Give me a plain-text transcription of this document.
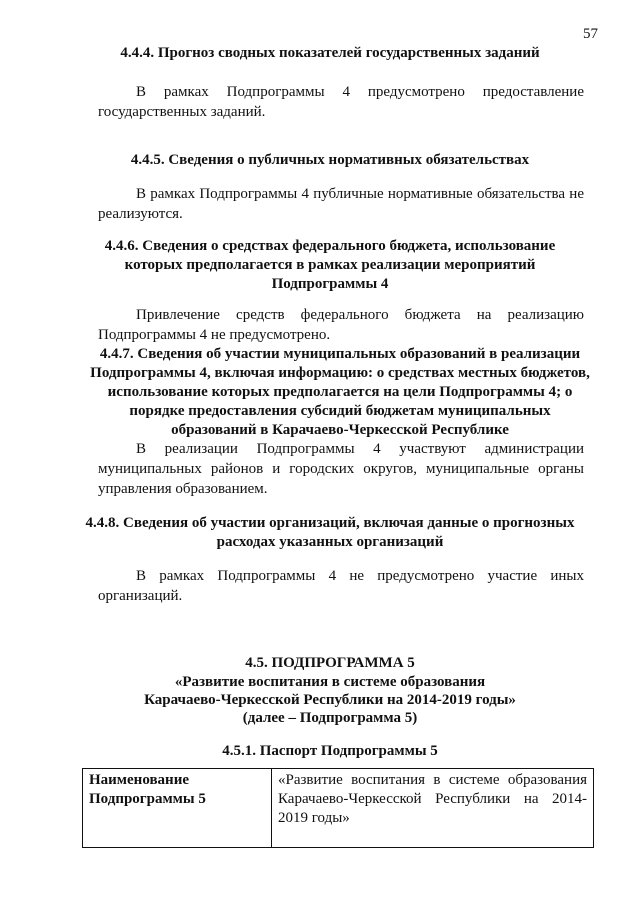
57
4.4.4. Прогноз сводных показателей государственных заданий
В рамках Подпрограммы 4 предусмотрено предоставление государственных заданий.
4.4.5. Сведения о публичных нормативных обязательствах
В рамках Подпрограммы 4 публичные нормативные обязательства не реализуются.
4.4.6. Сведения о средствах федерального бюджета, использование которых предполагается в рамках реализации мероприятий Подпрограммы 4
Привлечение средств федерального бюджета на реализацию Подпрограммы 4 не предусмотрено.
4.4.7. Сведения об участии муниципальных образований в реализации Подпрограммы 4, включая информацию: о средствах местных бюджетов, использование которых предполагается на цели Подпрограммы 4; о порядке предоставления субсидий бюджетам муниципальных образований в Карачаево-Черкесской Республике
В реализации Подпрограммы 4 участвуют администрации муниципальных районов и городских округов, муниципальные органы управления образованием.
4.4.8. Сведения об участии организаций, включая данные о прогнозных расходах указанных организаций
В рамках Подпрограммы 4 не предусмотрено участие иных организаций.
4.5. ПОДПРОГРАММА 5
«Развитие воспитания в системе образования
Карачаево-Черкесской Республики на 2014-2019 годы»
(далее – Подпрограмма 5)
4.5.1. Паспорт Подпрограммы 5
Наименование Подпрограммы 5	«Развитие воспитания в системе образования Карачаево-Черкесской Республики на 2014-2019 годы»
